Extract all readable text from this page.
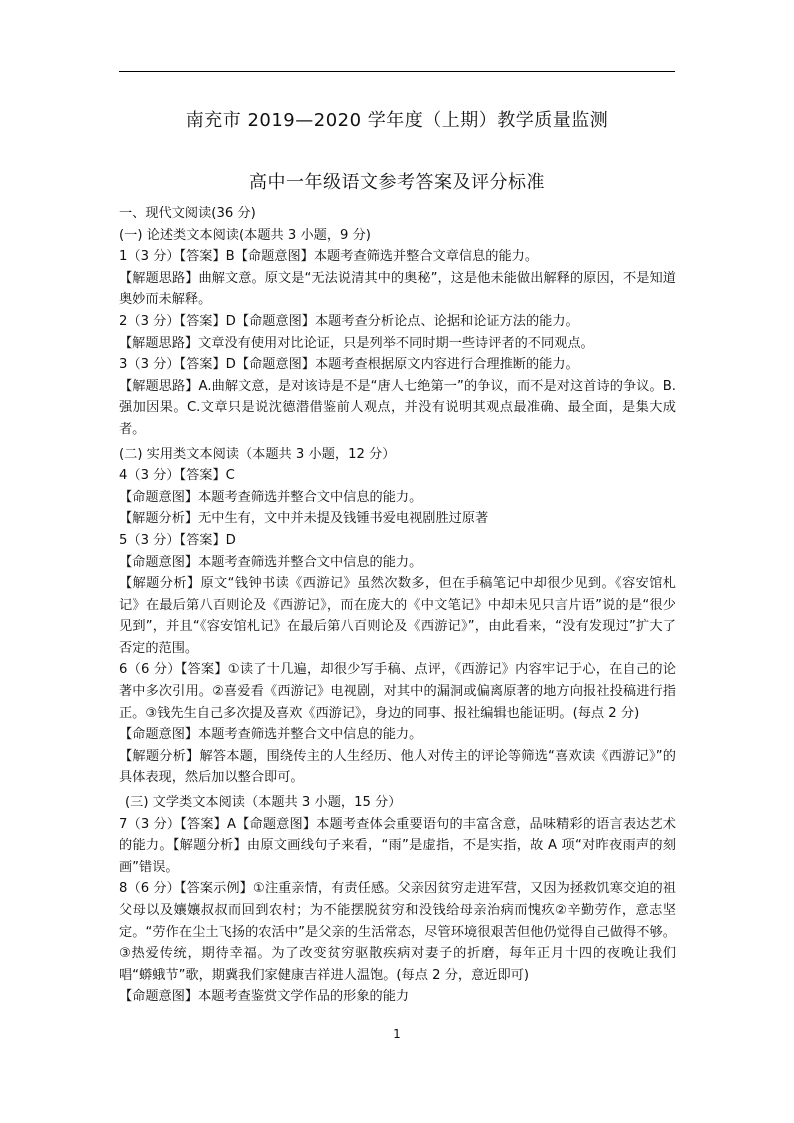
南充市 2019—2020 学年度（上期）教学质量监测
高中一年级语文参考答案及评分标准

一、现代文阅读(36 分)

(一) 论述类文本阅读(本题共 3 小题，9 分)

1（3 分）【答案】B【命题意图】本题考查筛选并整合文章信息的能力。

【解题思路】曲解文意。原文是“无法说清其中的奥秘”，这是他未能做出解释的原因，不是知道奥妙而未解释。

2（3 分）【答案】D【命题意图】本题考查分析论点、论据和论证方法的能力。

【解题思路】文章没有使用对比论证，只是列举不同时期一些诗评者的不同观点。

3（3 分）【答案】D【命题意图】本题考查根据原文内容进行合理推断的能力。

【解题思路】A.曲解文意，是对该诗是不是“唐人七绝第一”的争议，而不是对这首诗的争议。B.强加因果。C.文章只是说沈德潜借鉴前人观点，并没有说明其观点最准确、最全面，是集大成者。

(二) 实用类文本阅读（本题共 3 小题，12 分）

4（3 分）【答案】C

【命题意图】本题考查筛选并整合文中信息的能力。

【解题分析】无中生有，文中并未提及钱锺书爱电视剧胜过原著

5（3 分）【答案】D

【命题意图】本题考查筛选并整合文中信息的能力。

【解题分析】原文“钱钟书读《西游记》虽然次数多，但在手稿笔记中却很少见到。《容安馆札记》在最后第八百则论及《西游记》，而在庞大的《中文笔记》中却未见只言片语”说的是“很少见到”，并且“《容安馆札记》在最后第八百则论及《西游记》”，由此看来，“没有发现过”扩大了否定的范围。

6（6 分）【答案】①读了十几遍，却很少写手稿、点评，《西游记》内容牢记于心，在自己的论著中多次引用。②喜爱看《西游记》电视剧，对其中的漏洞或偏离原著的地方向报社投稿进行指正。③钱先生自己多次提及喜欢《西游记》，身边的同事、报社编辑也能证明。(每点 2 分)

【命题意图】本题考查筛选并整合文中信息的能力。

【解题分析】解答本题，围绕传主的人生经历、他人对传主的评论等筛选“喜欢读《西游记》”的具体表现，然后加以整合即可。

(三) 文学类文本阅读（本题共 3 小题，15 分）

7（3 分）【答案】A【命题意图】本题考查体会重要语句的丰富含意，品味精彩的语言表达艺术的能力。【解题分析】由原文画线句子来看，“雨”是虚指，不是实指，故 A 项“对昨夜雨声的刻画”错误。

8（6 分）【答案示例】①注重亲情，有责任感。父亲因贫穷走进军营，又因为拯救饥寒交迫的祖父母以及孃孃叔叔而回到农村；为不能摆脱贫穷和没钱给母亲治病而愧疚②辛勤劳作，意志坚定。“劳作在尘土飞扬的农活中”是父亲的生活常态，尽管环境很艰苦但他仍觉得自己做得不够。③热爱传统，期待幸福。为了改变贫穷驱散疾病对妻子的折磨，每年正月十四的夜晚让我们唱“蟒蛾节”歌，期冀我们家健康吉祥进人温饱。(每点 2 分，意近即可)

【命题意图】本题考查鉴赏文学作品的形象的能力

1
